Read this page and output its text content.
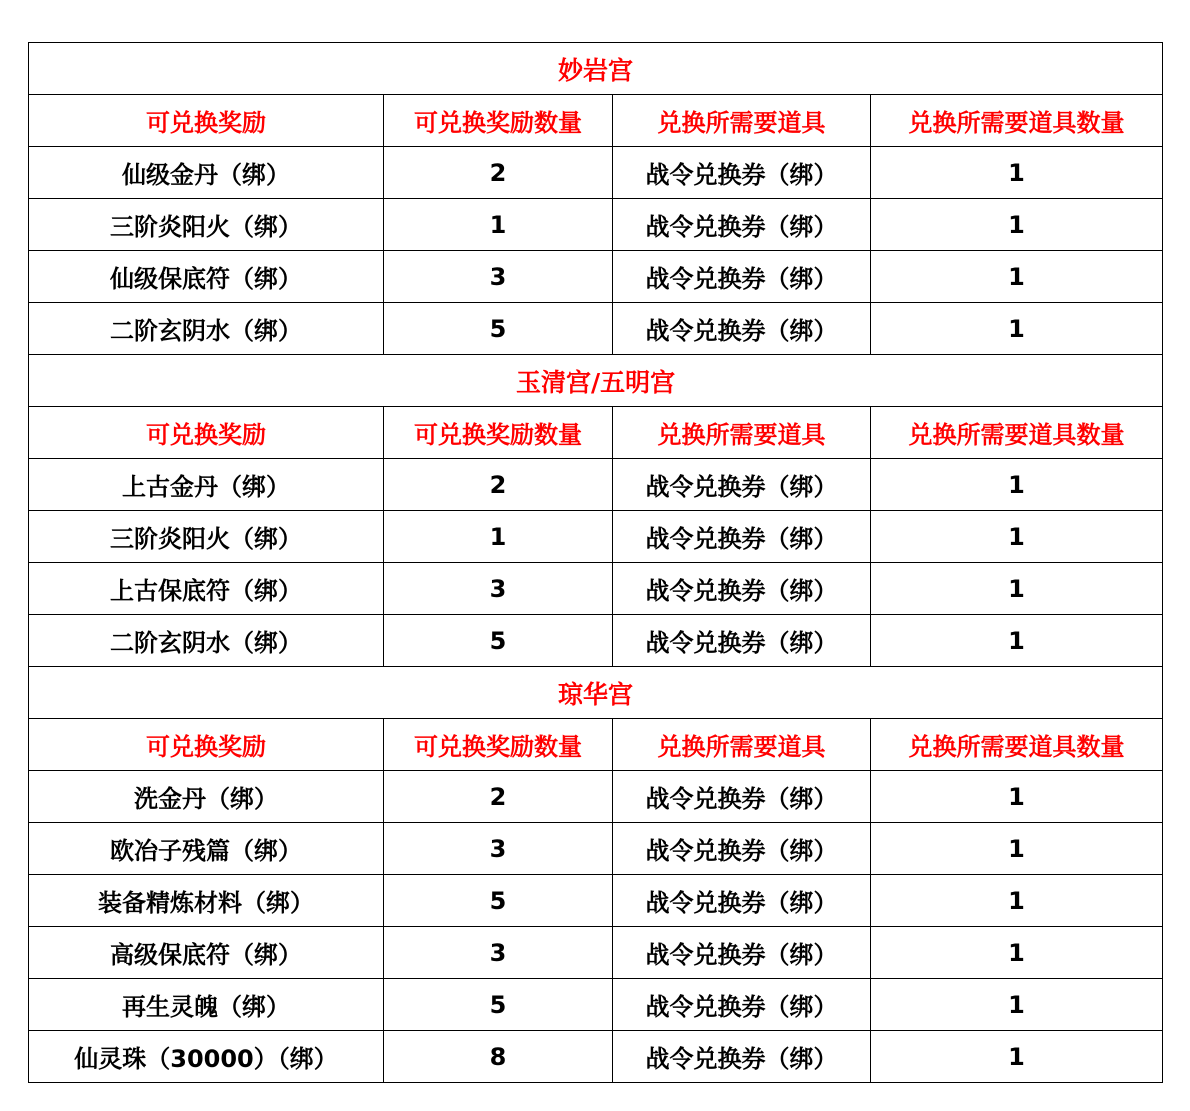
妙岩宫			
可兑换奖励	可兑换奖励数量	兑换所需要道具	兑换所需要道具数量
仙级金丹（绑）	2	战令兑换券（绑）	1
三阶炎阳火（绑）	1	战令兑换券（绑）	1
仙级保底符（绑）	3	战令兑换券（绑）	1
二阶玄阴水（绑）	5	战令兑换券（绑）	1
玉清宫/五明宫			
可兑换奖励	可兑换奖励数量	兑换所需要道具	兑换所需要道具数量
上古金丹（绑）	2	战令兑换券（绑）	1
三阶炎阳火（绑）	1	战令兑换券（绑）	1
上古保底符（绑）	3	战令兑换券（绑）	1
二阶玄阴水（绑）	5	战令兑换券（绑）	1
琼华宫			
可兑换奖励	可兑换奖励数量	兑换所需要道具	兑换所需要道具数量
洗金丹（绑）	2	战令兑换券（绑）	1
欧冶子残篇（绑）	3	战令兑换券（绑）	1
装备精炼材料（绑）	5	战令兑换券（绑）	1
高级保底符（绑）	3	战令兑换券（绑）	1
再生灵魄（绑）	5	战令兑换券（绑）	1
仙灵珠（30000）（绑）	8	战令兑换券（绑）	1
